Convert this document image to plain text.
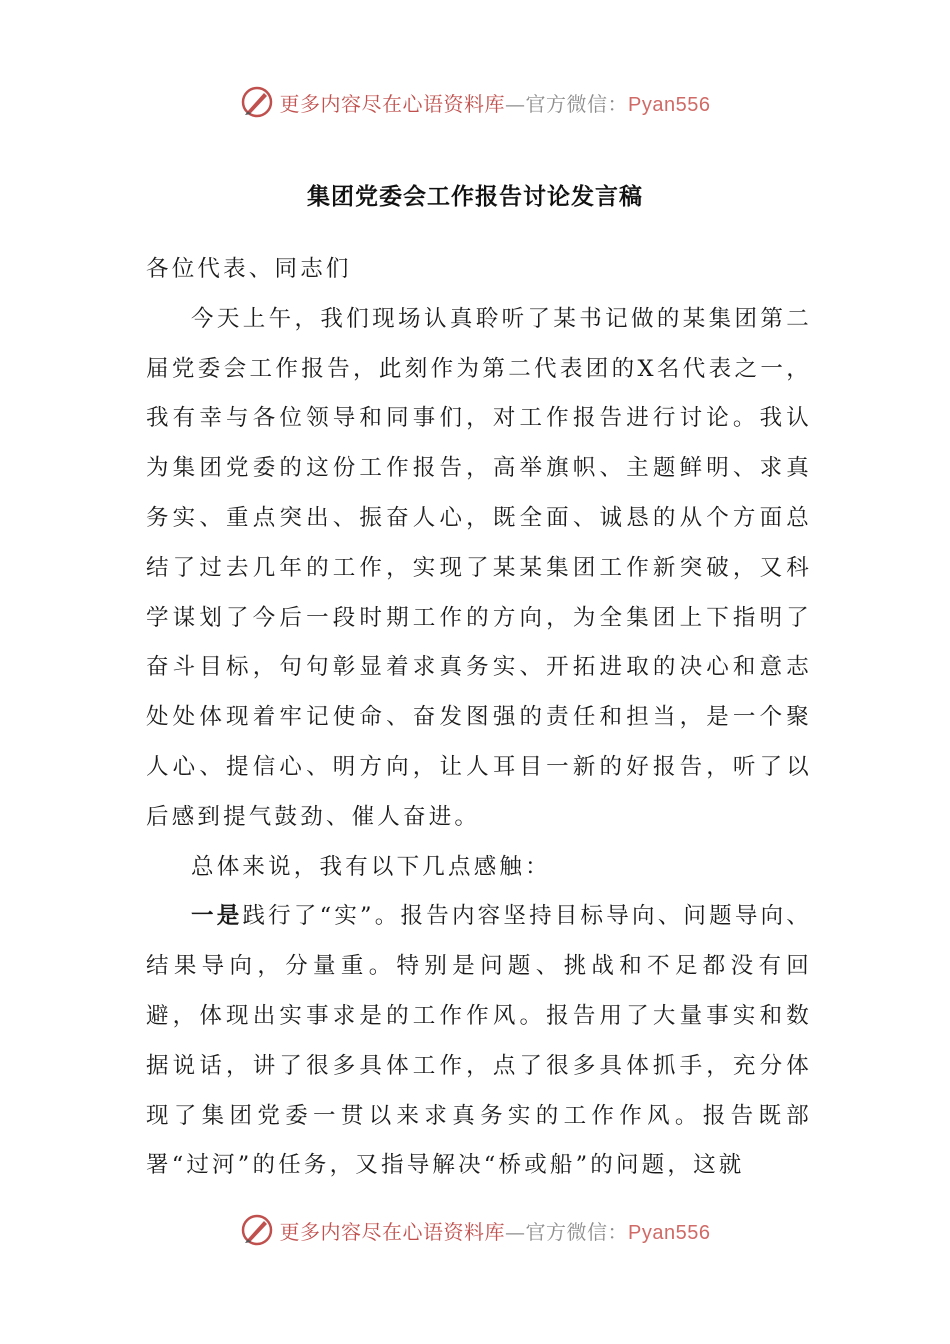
更多内容尽在心语资料库—官方微信：Pyan556
集团党委会工作报告讨论发言稿

各位代表、同志们

今天上午，我们现场认真聆听了某书记做的某集团第二届党委会工作报告，此刻作为第二代表团的X名代表之一，我有幸与各位领导和同事们，对工作报告进行讨论。我认为集团党委的这份工作报告，高举旗帜、主题鲜明、求真务实、重点突出、振奋人心，既全面、诚恳的从个方面总结了过去几年的工作，实现了某某集团工作新突破，又科学谋划了今后一段时期工作的方向，为全集团上下指明了奋斗目标，句句彰显着求真务实、开拓进取的决心和意志处处体现着牢记使命、奋发图强的责任和担当，是一个聚人心、提信心、明方向，让人耳目一新的好报告，听了以后感到提气鼓劲、催人奋进。

总体来说，我有以下几点感触：

一是践行了“实”。报告内容坚持目标导向、问题导向、结果导向，分量重。特别是问题、挑战和不足都没有回避，体现出实事求是的工作作风。报告用了大量事实和数据说话，讲了很多具体工作，点了很多具体抓手，充分体现了集团党委一贯以来求真务实的工作作风。报告既部署“过河”的任务，又指导解决“桥或船”的问题，这就

更多内容尽在心语资料库—官方微信：Pyan556
